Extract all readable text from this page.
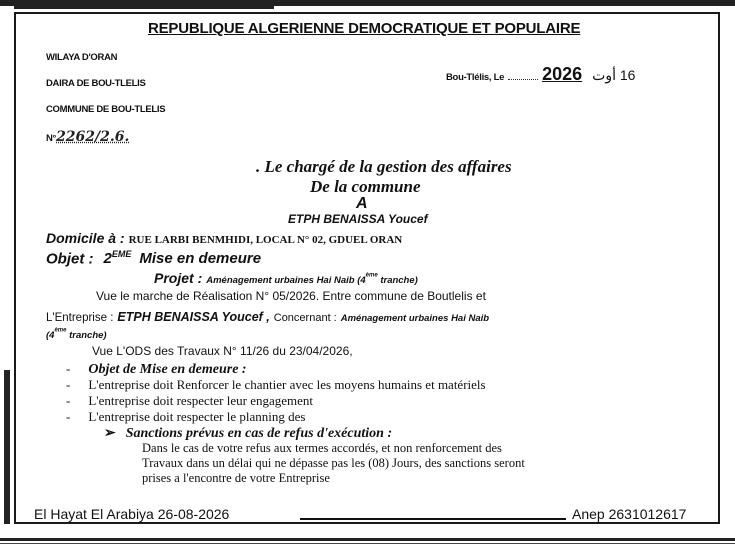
REPUBLIQUE ALGERIENNE DEMOCRATIQUE ET POPULAIRE
WILAYA D'ORAN
DAIRA DE BOU-TLELIS
COMMUNE DE BOU-TLELIS
N°2262/2.6.
Bou-Tlélis, Le 2026 16 أوت
. Le chargé de la gestion des affaires
De la commune
A
ETPH BENAISSA Youcef
Domicile à : RUE LARBI BENMHIDI, LOCAL N° 02, GDUEL ORAN
Objet : 2EME Mise en demeure
Projet : Aménagement urbaines Hai Naib (4ème tranche)
Vue le marche de Réalisation N° 05/2026. Entre commune de Boutlelis et
L'Entreprise : ETPH BENAISSA Youcef , Concernant : Aménagement urbaines Hai Naib
(4ème tranche)
Vue L'ODS des Travaux N° 11/26 du 23/04/2026,
- Objet de Mise en demeure :
- L'entreprise doit Renforcer le chantier avec les moyens humains et matériels
- L'entreprise doit respecter leur engagement
- L'entreprise doit respecter le planning des
➢ Sanctions prévus en cas de refus d'exécution :
Dans le cas de votre refus aux termes accordés, et non renforcement des
Travaux dans un délai qui ne dépasse pas les (08) Jours, des sanctions seront
prises a l'encontre de votre Entreprise
El Hayat El Arabiya 26-08-2026	Anep 2631012617
